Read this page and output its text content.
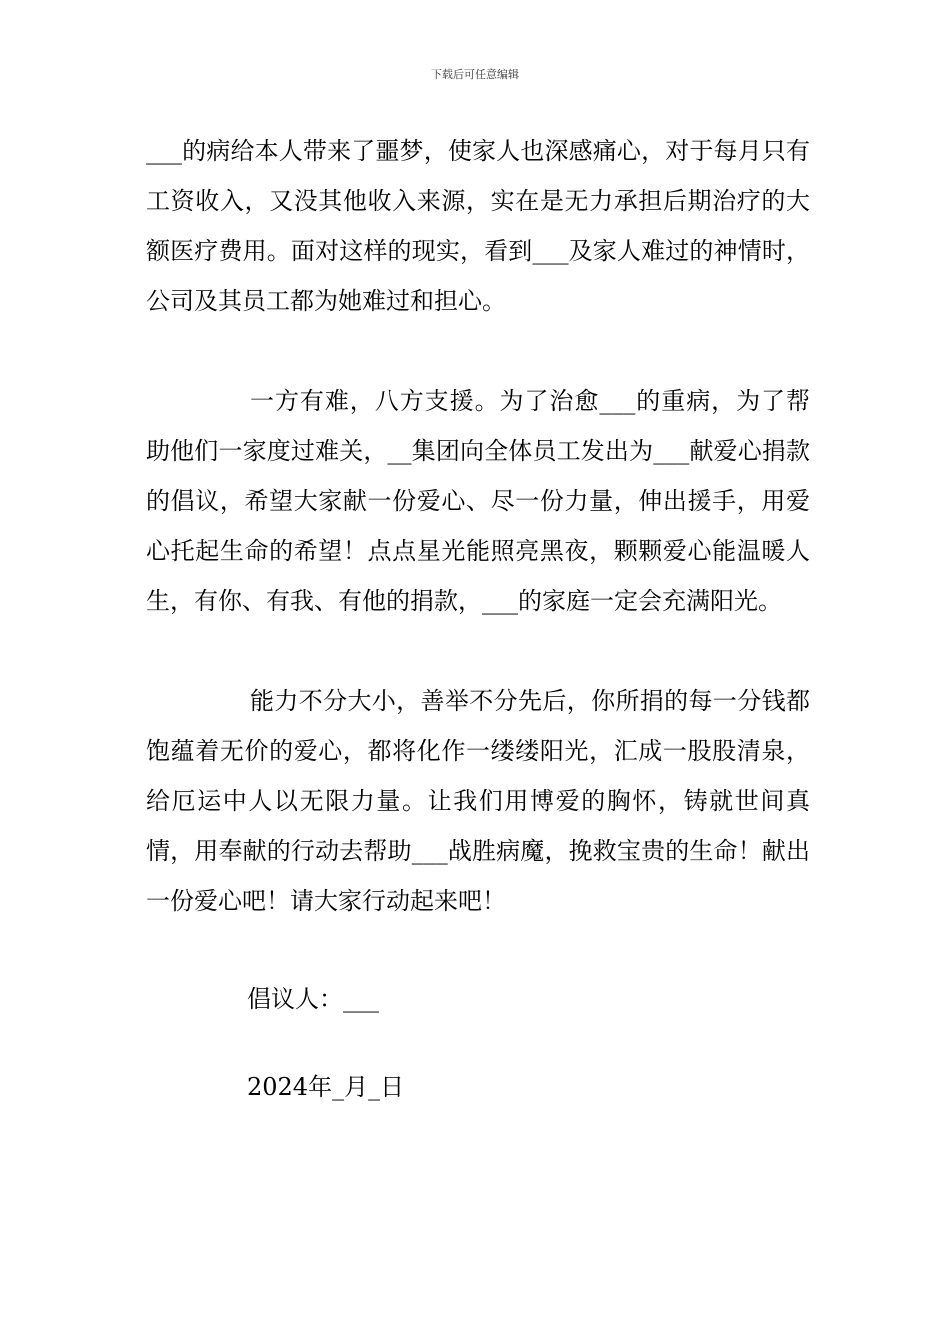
下载后可任意编辑

___的病给本人带来了噩梦，使家人也深感痛心，对于每月只有工资收入，又没其他收入来源，实在是无力承担后期治疗的大额医疗费用。面对这样的现实，看到___及家人难过的神情时，公司及其员工都为她难过和担心。

一方有难，八方支援。为了治愈___的重病，为了帮助他们一家度过难关，__集团向全体员工发出为___献爱心捐款的倡议，希望大家献一份爱心、尽一份力量，伸出援手，用爱心托起生命的希望！点点星光能照亮黑夜，颗颗爱心能温暖人生，有你、有我、有他的捐款，___的家庭一定会充满阳光。

能力不分大小，善举不分先后，你所捐的每一分钱都饱蕴着无价的爱心，都将化作一缕缕阳光，汇成一股股清泉，给厄运中人以无限力量。让我们用博爱的胸怀，铸就世间真情，用奉献的行动去帮助___战胜病魔，挽救宝贵的生命！献出一份爱心吧！请大家行动起来吧！

倡议人：___

2024年_月_日
